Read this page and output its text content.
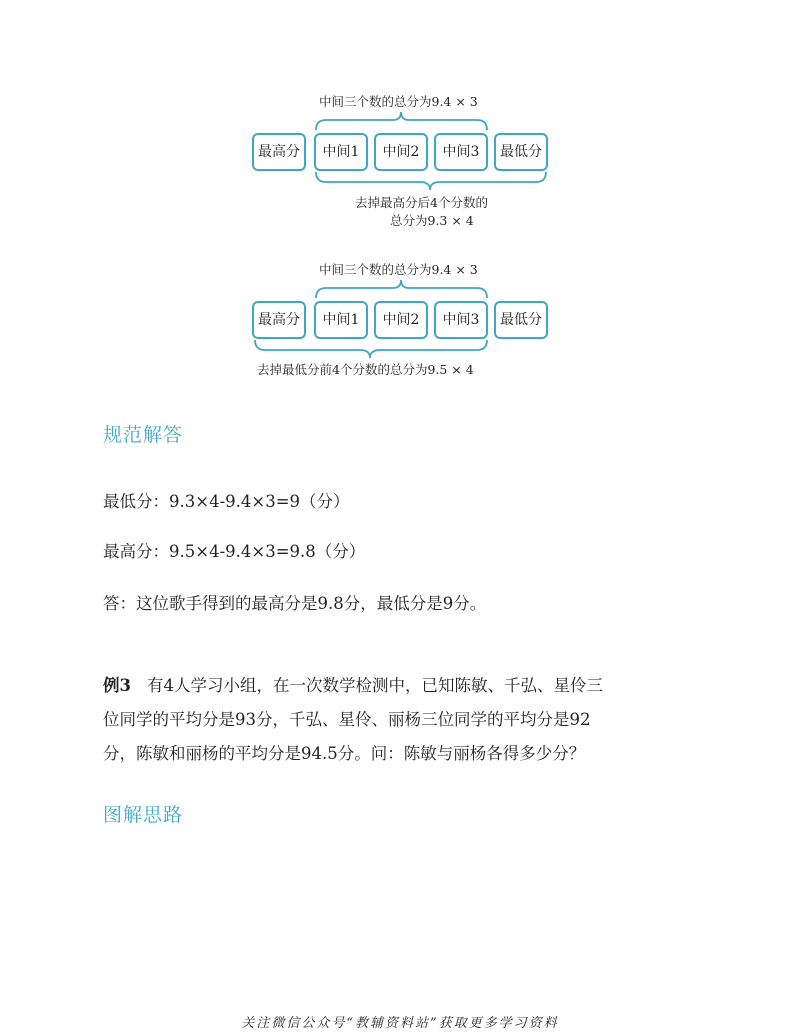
中间三个数的总分为9.4 × 3
最高分	中间1	中间2	中间3	最低分
去掉最高分后4个分数的
总分为9.3 × 4
中间三个数的总分为9.4 × 3
最高分	中间1	中间2	中间3	最低分
去掉最低分前4个分数的总分为9.5 × 4
规范解答
最低分：9.3×4-9.4×3=9（分）
最高分：9.5×4-9.4×3=9.8（分）
答：这位歌手得到的最高分是9.8分，最低分是9分。
例3 有4人学习小组，在一次数学检测中，已知陈敏、千弘、星伶三
位同学的平均分是93分，千弘、星伶、丽杨三位同学的平均分是92
分，陈敏和丽杨的平均分是94.5分。问：陈敏与丽杨各得多少分？
图解思路
关注微信公众号“教辅资料站”获取更多学习资料
